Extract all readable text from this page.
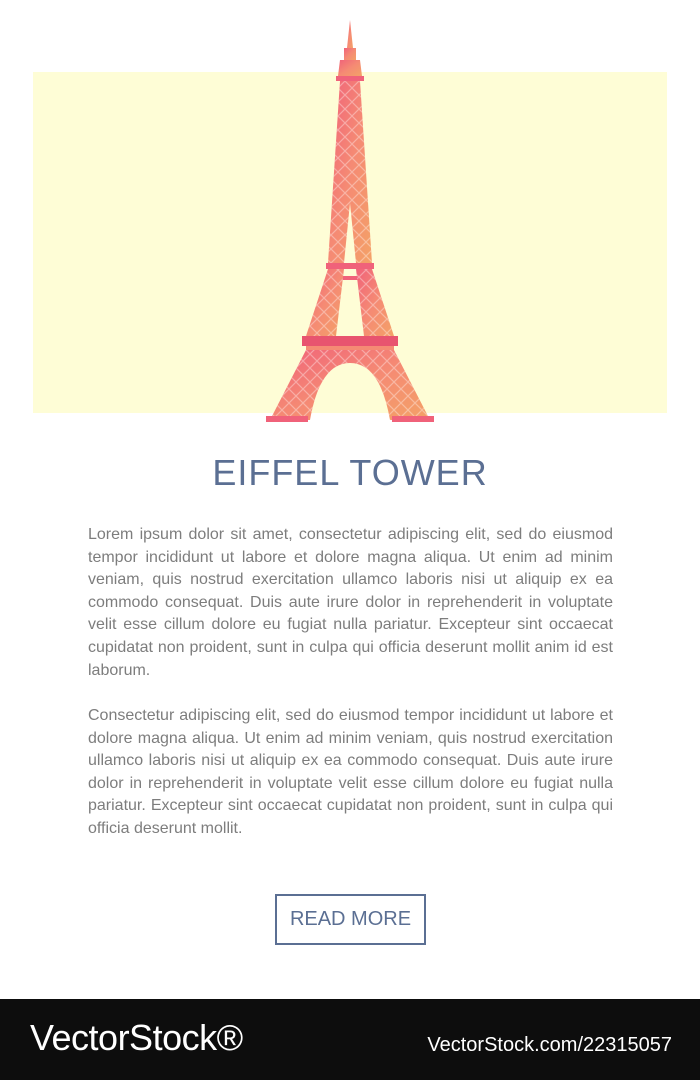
EIFFEL TOWER

Lorem ipsum dolor sit amet, consectetur adipiscing elit, sed do eiusmod tempor incididunt ut labore et dolore magna aliqua. Ut enim ad minim veniam, quis nostrud exercitation ullamco laboris nisi ut aliquip ex ea commodo consequat. Duis aute irure dolor in reprehenderit in voluptate velit esse cillum dolore eu fugiat nulla pariatur. Excepteur sint occaecat cupidatat non proident, sunt in culpa qui officia deserunt mollit anim id est laborum.

Consectetur adipiscing elit, sed do eiusmod tempor incididunt ut labore et dolore magna aliqua. Ut enim ad minim veniam, quis nostrud exercitation ullamco laboris nisi ut aliquip ex ea commodo consequat. Duis aute irure dolor in reprehenderit in voluptate velit esse cillum dolore eu fugiat nulla pariatur. Excepteur sint occaecat cupidatat non proident, sunt in culpa qui officia deserunt mollit.

READ MORE
VectorStock®	VectorStock.com/22315057
